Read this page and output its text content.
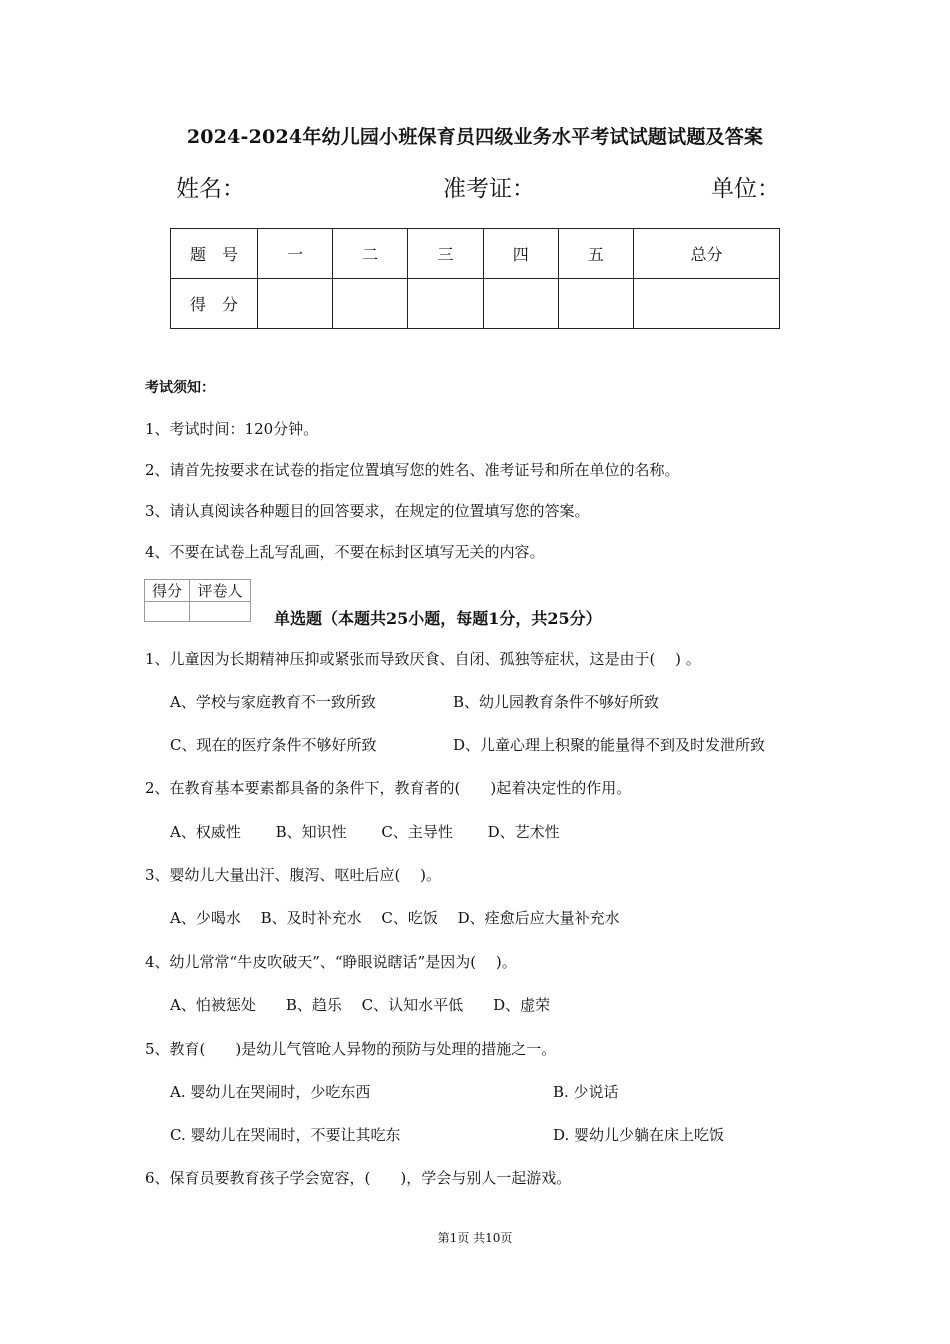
2024-2024年幼儿园小班保育员四级业务水平考试试题试题及答案
姓名：	准考证：	单位：
题　号	一	二	三	四	五	总分
得　分						
考试须知：
1、考试时间：120分钟。
2、请首先按要求在试卷的指定位置填写您的姓名、准考证号和所在单位的名称。
3、请认真阅读各种题目的回答要求，在规定的位置填写您的答案。
4、不要在试卷上乱写乱画，不要在标封区填写无关的内容。
得分	评卷人

单选题（本题共25小题，每题1分，共25分）
1、儿童因为长期精神压抑或紧张而导致厌食、自闭、孤独等症状，这是由于(　 ) 。
A、学校与家庭教育不一致所致	B、幼儿园教育条件不够好所致
C、现在的医疗条件不够好所致	D、儿童心理上积聚的能量得不到及时发泄所致
2、在教育基本要素都具备的条件下，教育者的(　　)起着决定性的作用。
A、权威性　　 B、知识性　　 C、主导性　　 D、艺术性
3、婴幼儿大量出汗、腹泻、呕吐后应(　 )。
A、少喝水　 B、及时补充水　 C、吃饭　 D、痊愈后应大量补充水
4、幼儿常常“牛皮吹破天”、“睁眼说瞎话”是因为(　 )。
A、怕被惩处　　B、趋乐　 C、认知水平低　　D、虚荣
5、教育(　　)是幼儿气管呛人异物的预防与处理的措施之一。
A. 婴幼儿在哭闹时，少吃东西	B. 少说话
C. 婴幼儿在哭闹时，不要让其吃东	D. 婴幼儿少躺在床上吃饭
6、保育员要教育孩子学会宽容，(　　)，学会与别人一起游戏。
第1页 共10页
